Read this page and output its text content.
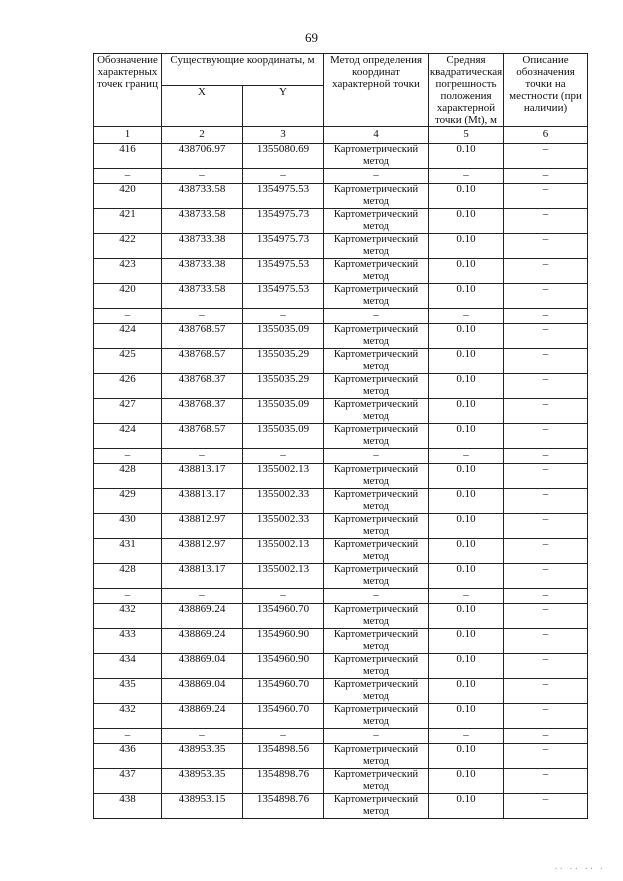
69
Обозначение характерных точек границ	Существующие координаты, м		Метод определения координат характерной точки	Средняя квадратическая погрешность положения характерной точки (Mt), м	Описание обозначения точки на местности (при наличии)
	X	Y			
1	2	3	4	5	6
416	438706.97	1355080.69	Картометрический метод	0.10	–
–	–	–	–	–	–
420	438733.58	1354975.53	Картометрический метод	0.10	–
421	438733.58	1354975.73	Картометрический метод	0.10	–
422	438733.38	1354975.73	Картометрический метод	0.10	–
423	438733.38	1354975.53	Картометрический метод	0.10	–
420	438733.58	1354975.53	Картометрический метод	0.10	–
–	–	–	–	–	–
424	438768.57	1355035.09	Картометрический метод	0.10	–
425	438768.57	1355035.29	Картометрический метод	0.10	–
426	438768.37	1355035.29	Картометрический метод	0.10	–
427	438768.37	1355035.09	Картометрический метод	0.10	–
424	438768.57	1355035.09	Картометрический метод	0.10	–
–	–	–	–	–	–
428	438813.17	1355002.13	Картометрический метод	0.10	–
429	438813.17	1355002.33	Картометрический метод	0.10	–
430	438812.97	1355002.33	Картометрический метод	0.10	–
431	438812.97	1355002.13	Картометрический метод	0.10	–
428	438813.17	1355002.13	Картометрический метод	0.10	–
–	–	–	–	–	–
432	438869.24	1354960.70	Картометрический метод	0.10	–
433	438869.24	1354960.90	Картометрический метод	0.10	–
434	438869.04	1354960.90	Картометрический метод	0.10	–
435	438869.04	1354960.70	Картометрический метод	0.10	–
432	438869.24	1354960.70	Картометрический метод	0.10	–
–	–	–	–	–	–
436	438953.35	1354898.56	Картометрический метод	0.10	–
437	438953.35	1354898.76	Картометрический метод	0.10	–
438	438953.15	1354898.76	Картометрический метод	0.10	–
·· ·· ·· ·
